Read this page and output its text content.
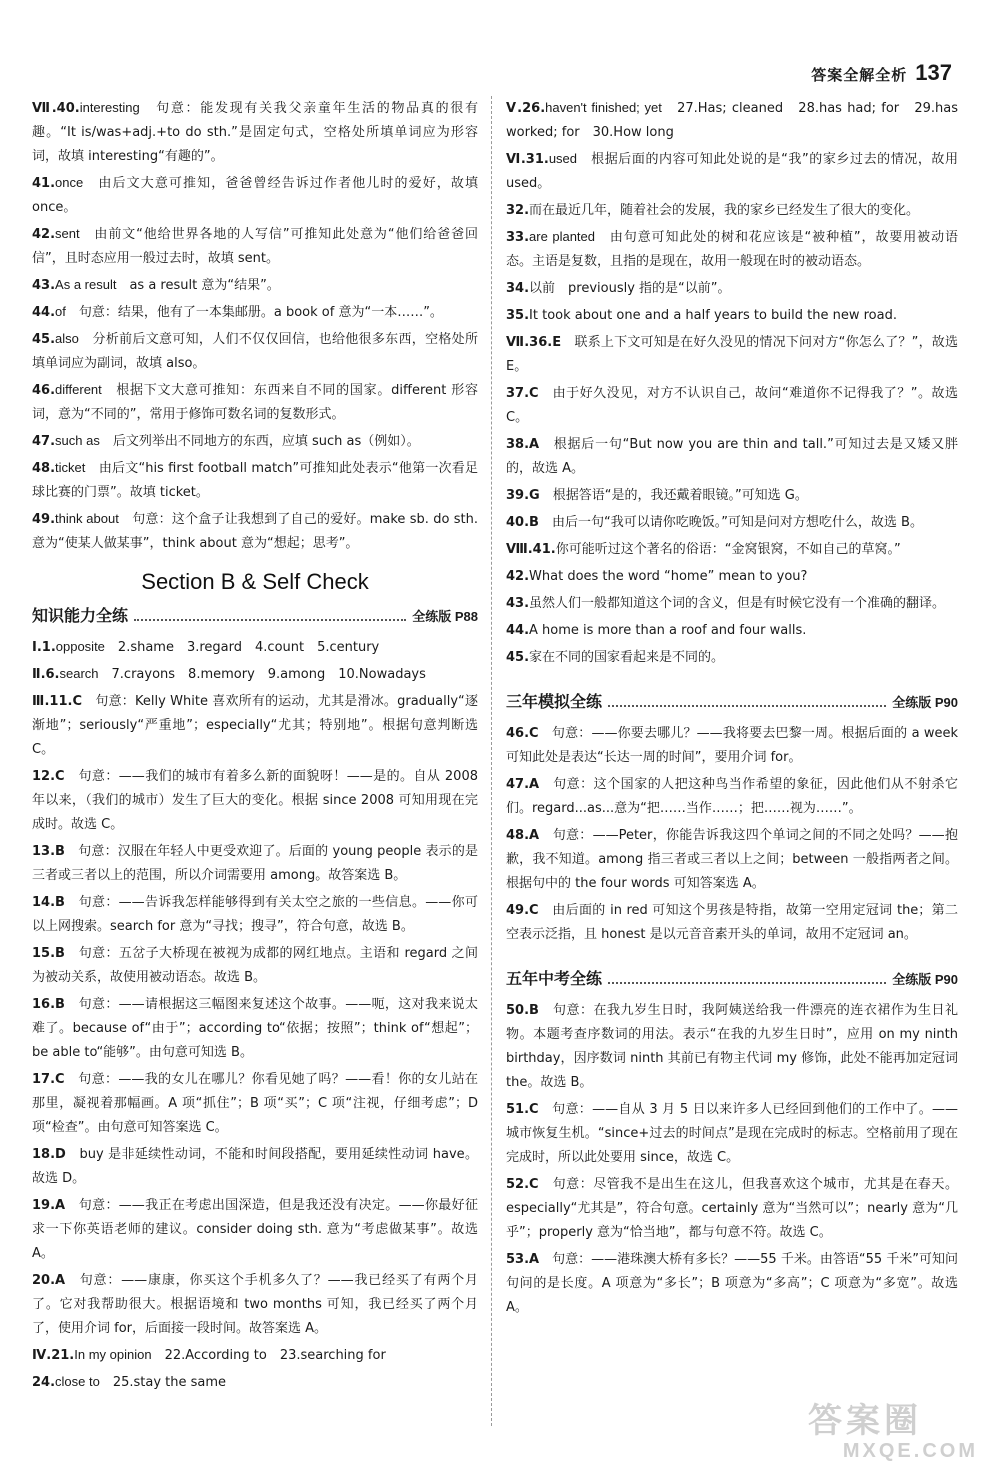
答案全解全析 137
Ⅶ.40.interesting　句意：能发现有关我父亲童年生活的物品真的很有趣。“It is/was+adj.+to do sth.”是固定句式，空格处所填单词应为形容词，故填 interesting“有趣的”。
41.once　由后文大意可推知，爸爸曾经告诉过作者他儿时的爱好，故填 once。
42.sent　由前文“他给世界各地的人写信”可推知此处意为“他们给爸爸回信”，且时态应用一般过去时，故填 sent。
43.As a result　as a result 意为“结果”。
44.of　句意：结果，他有了一本集邮册。a book of 意为“一本……”。
45.also　分析前后文意可知，人们不仅仅回信，也给他很多东西，空格处所填单词应为副词，故填 also。
46.different　根据下文大意可推知：东西来自不同的国家。different 形容词，意为“不同的”，常用于修饰可数名词的复数形式。
47.such as　后文列举出不同地方的东西，应填 such as（例如）。
48.ticket　由后文“his first football match”可推知此处表示“他第一次看足球比赛的门票”。故填 ticket。
49.think about　句意：这个盒子让我想到了自己的爱好。make sb. do sth. 意为“使某人做某事”，think about 意为“想起；思考”。
Section B & Self Check
知识能力全练	全练版 P88
Ⅰ.1.opposite　2.shame　3.regard　4.count　5.century
Ⅱ.6.search　7.crayons　8.memory　9.among　10.Nowadays
Ⅲ.11.C　句意：Kelly White 喜欢所有的运动，尤其是滑冰。gradually“逐渐地”；seriously“严重地”；especially“尤其；特别地”。根据句意判断选 C。
12.C　句意：——我们的城市有着多么新的面貌呀！——是的。自从 2008 年以来，（我们的城市）发生了巨大的变化。根据 since 2008 可知用现在完成时。故选 C。
13.B　句意：汉服在年轻人中更受欢迎了。后面的 young people 表示的是三者或三者以上的范围，所以介词需要用 among。故答案选 B。
14.B　句意：——告诉我怎样能够得到有关太空之旅的一些信息。——你可以上网搜索。search for 意为“寻找；搜寻”，符合句意，故选 B。
15.B　句意：五岔子大桥现在被视为成都的网红地点。主语和 regard 之间为被动关系，故使用被动语态。故选 B。
16.B　句意：——请根据这三幅图来复述这个故事。——呃，这对我来说太难了。because of“由于”；according to“依据；按照”；think of“想起”；be able to“能够”。由句意可知选 B。
17.C　句意：——我的女儿在哪儿？你看见她了吗？——看！你的女儿站在那里，凝视着那幅画。A 项“抓住”；B 项“买”；C 项“注视，仔细考虑”；D 项“检查”。由句意可知答案选 C。
18.D　buy 是非延续性动词，不能和时间段搭配，要用延续性动词 have。故选 D。
19.A　句意：——我正在考虑出国深造，但是我还没有决定。——你最好征求一下你英语老师的建议。consider doing sth. 意为“考虑做某事”。故选 A。
20.A　句意：——康康，你买这个手机多久了？——我已经买了有两个月了。它对我帮助很大。根据语境和 two months 可知，我已经买了两个月了，使用介词 for，后面接一段时间。故答案选 A。
Ⅳ.21.In my opinion　22.According to　23.searching for
24.close to　25.stay the same
Ⅴ.26.haven't finished; yet　27.Has; cleaned　28.has had; for　29.has worked; for　30.How long
Ⅵ.31.used　根据后面的内容可知此处说的是“我”的家乡过去的情况，故用 used。
32.而在最近几年，随着社会的发展，我的家乡已经发生了很大的变化。
33.are planted　由句意可知此处的树和花应该是“被种植”，故要用被动语态。主语是复数，且指的是现在，故用一般现在时的被动语态。
34.以前　previously 指的是“以前”。
35.It took about one and a half years to build the new road.
Ⅶ.36.E　联系上下文可知是在好久没见的情况下问对方“你怎么了？”，故选 E。
37.C　由于好久没见，对方不认识自己，故问“难道你不记得我了？”。故选 C。
38.A　根据后一句“But now you are thin and tall.”可知过去是又矮又胖的，故选 A。
39.G　根据答语“是的，我还戴着眼镜。”可知选 G。
40.B　由后一句“我可以请你吃晚饭。”可知是问对方想吃什么，故选 B。
Ⅷ.41.你可能听过这个著名的俗语：“金窝银窝，不如自己的草窝。”
42.What does the word “home” mean to you?
43.虽然人们一般都知道这个词的含义，但是有时候它没有一个准确的翻译。
44.A home is more than a roof and four walls.
45.家在不同的国家看起来是不同的。
三年模拟全练	全练版 P90
46.C　句意：——你要去哪儿？——我将要去巴黎一周。根据后面的 a week 可知此处是表达“长达一周的时间”，要用介词 for。
47.A　句意：这个国家的人把这种鸟当作希望的象征，因此他们从不射杀它们。regard...as...意为“把……当作……；把……视为……”。
48.A　句意：——Peter，你能告诉我这四个单词之间的不同之处吗？——抱歉，我不知道。among 指三者或三者以上之间；between 一般指两者之间。根据句中的 the four words 可知答案选 A。
49.C　由后面的 in red 可知这个男孩是特指，故第一空用定冠词 the；第二空表示泛指，且 honest 是以元音音素开头的单词，故用不定冠词 an。
五年中考全练	全练版 P90
50.B　句意：在我九岁生日时，我阿姨送给我一件漂亮的连衣裙作为生日礼物。本题考查序数词的用法。表示“在我的九岁生日时”，应用 on my ninth birthday，因序数词 ninth 其前已有物主代词 my 修饰，此处不能再加定冠词 the。故选 B。
51.C　句意：——自从 3 月 5 日以来许多人已经回到他们的工作中了。——城市恢复生机。“since+过去的时间点”是现在完成时的标志。空格前用了现在完成时，所以此处要用 since，故选 C。
52.C　句意：尽管我不是出生在这儿，但我喜欢这个城市，尤其是在春天。especially“尤其是”，符合句意。certainly 意为“当然可以”；nearly 意为“几乎”；properly 意为“恰当地”，都与句意不符。故选 C。
53.A　句意：——港珠澳大桥有多长？——55 千米。由答语“55 千米”可知问句问的是长度。A 项意为“多长”；B 项意为“多高”；C 项意为“多宽”。故选 A。
答案圈
MXQE.COM
